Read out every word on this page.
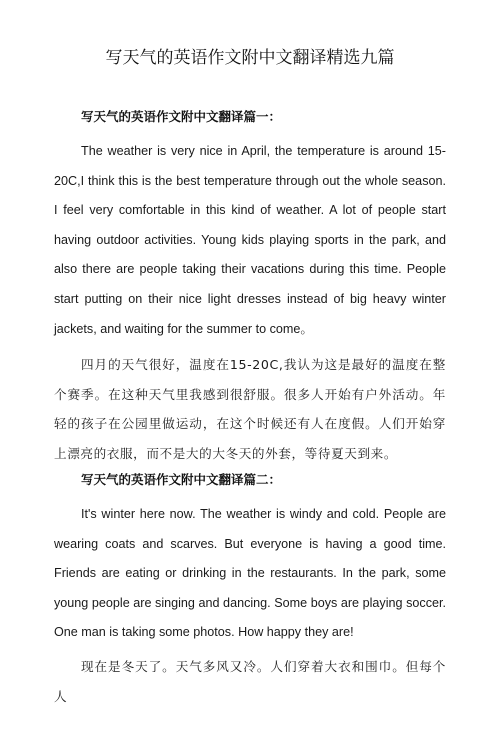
写天气的英语作文附中文翻译精选九篇
写天气的英语作文附中文翻译篇一：

The weather is very nice in April, the temperature is around 15- 20C,I think this is the best temperature through out the whole season. I feel very comfortable in this kind of weather. A lot of people start having outdoor activities. Young kids playing sports in the park, and also there are people taking their vacations during this time. People start putting on their nice light dresses instead of big heavy winter jackets, and waiting for the summer to come。

四月的天气很好，温度在15-20C,我认为这是最好的温度在整个赛季。在这种天气里我感到很舒服。很多人开始有户外活动。年轻的孩子在公园里做运动，在这个时候还有人在度假。人们开始穿上漂亮的衣服，而不是大的大冬天的外套，等待夏天到来。

写天气的英语作文附中文翻译篇二：

It's winter here now. The weather is windy and cold. People are wearing coats and scarves. But everyone is having a good time. Friends are eating or drinking in the restaurants. In the park, some young people are singing and dancing. Some boys are playing soccer. One man is taking some photos. How happy they are!

现在是冬天了。天气多风又冷。人们穿着大衣和围巾。但每个人
